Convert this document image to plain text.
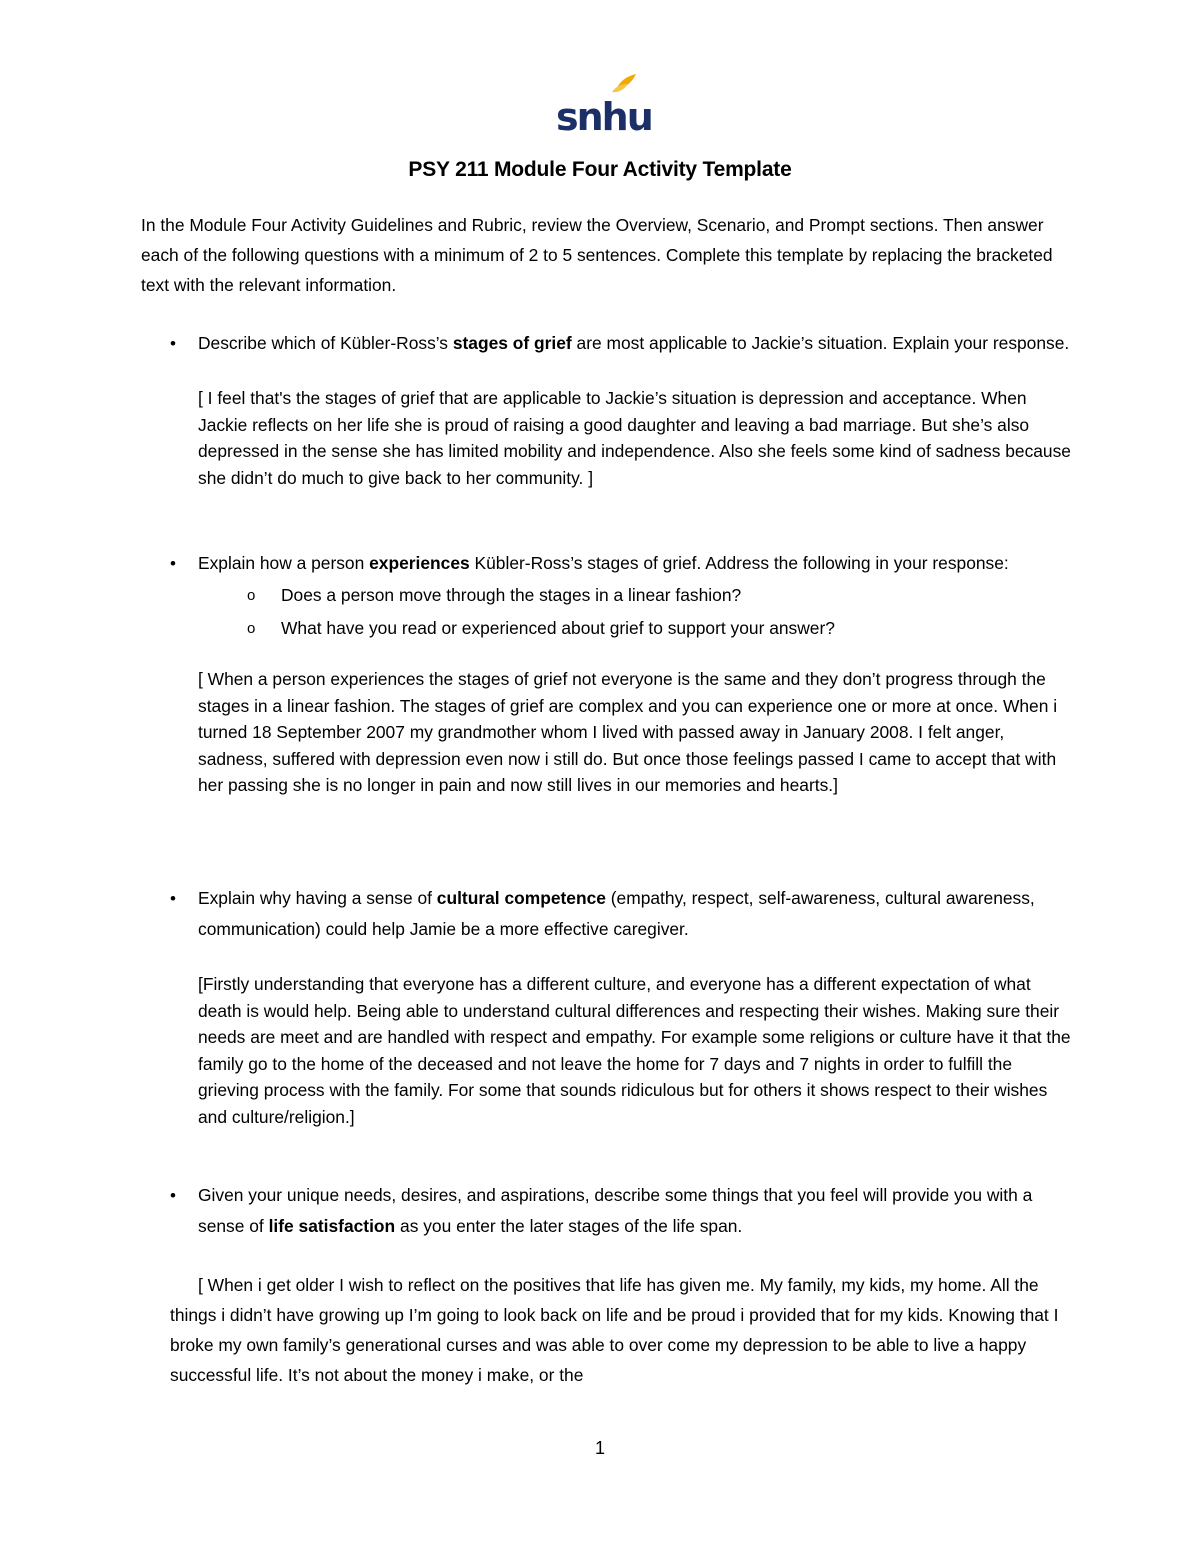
snhu
PSY 211 Module Four Activity Template
In the Module Four Activity Guidelines and Rubric, review the Overview, Scenario, and Prompt sections. Then answer each of the following questions with a minimum of 2 to 5 sentences. Complete this template by replacing the bracketed text with the relevant information.
• Describe which of Kübler-Ross’s stages of grief are most applicable to Jackie’s situation. Explain your response.
[ I feel that's the stages of grief that are applicable to Jackie’s situation is depression and acceptance. When Jackie reflects on her life she is proud of raising a good daughter and leaving a bad marriage. But she’s also depressed in the sense she has limited mobility and independence. Also she feels some kind of sadness because she didn’t do much to give back to her community. ]
• Explain how a person experiences Kübler-Ross’s stages of grief. Address the following in your response:
o Does a person move through the stages in a linear fashion?
o What have you read or experienced about grief to support your answer?
[ When a person experiences the stages of grief not everyone is the same and they don’t progress through the stages in a linear fashion. The stages of grief are complex and you can experience one or more at once. When i turned 18 September 2007 my grandmother whom I lived with passed away in January 2008. I felt anger, sadness, suffered with depression even now i still do. But once those feelings passed I came to accept that with her passing she is no longer in pain and now still lives in our memories and hearts.]
• Explain why having a sense of cultural competence (empathy, respect, self-awareness, cultural awareness, communication) could help Jamie be a more effective caregiver.
[Firstly understanding that everyone has a different culture, and everyone has a different expectation of what death is would help. Being able to understand cultural differences and respecting their wishes. Making sure their needs are meet and are handled with respect and empathy. For example some religions or culture have it that the family go to the home of the deceased and not leave the home for 7 days and 7 nights in order to fulfill the grieving process with the family. For some that sounds ridiculous but for others it shows respect to their wishes and culture/religion.]
• Given your unique needs, desires, and aspirations, describe some things that you feel will provide you with a sense of life satisfaction as you enter the later stages of the life span.
[ When i get older I wish to reflect on the positives that life has given me. My family, my kids, my home. All the things i didn’t have growing up I’m going to look back on life and be proud i provided that for my kids. Knowing that I broke my own family’s generational curses and was able to over come my depression to be able to live a happy successful life. It’s not about the money i make, or the
1
